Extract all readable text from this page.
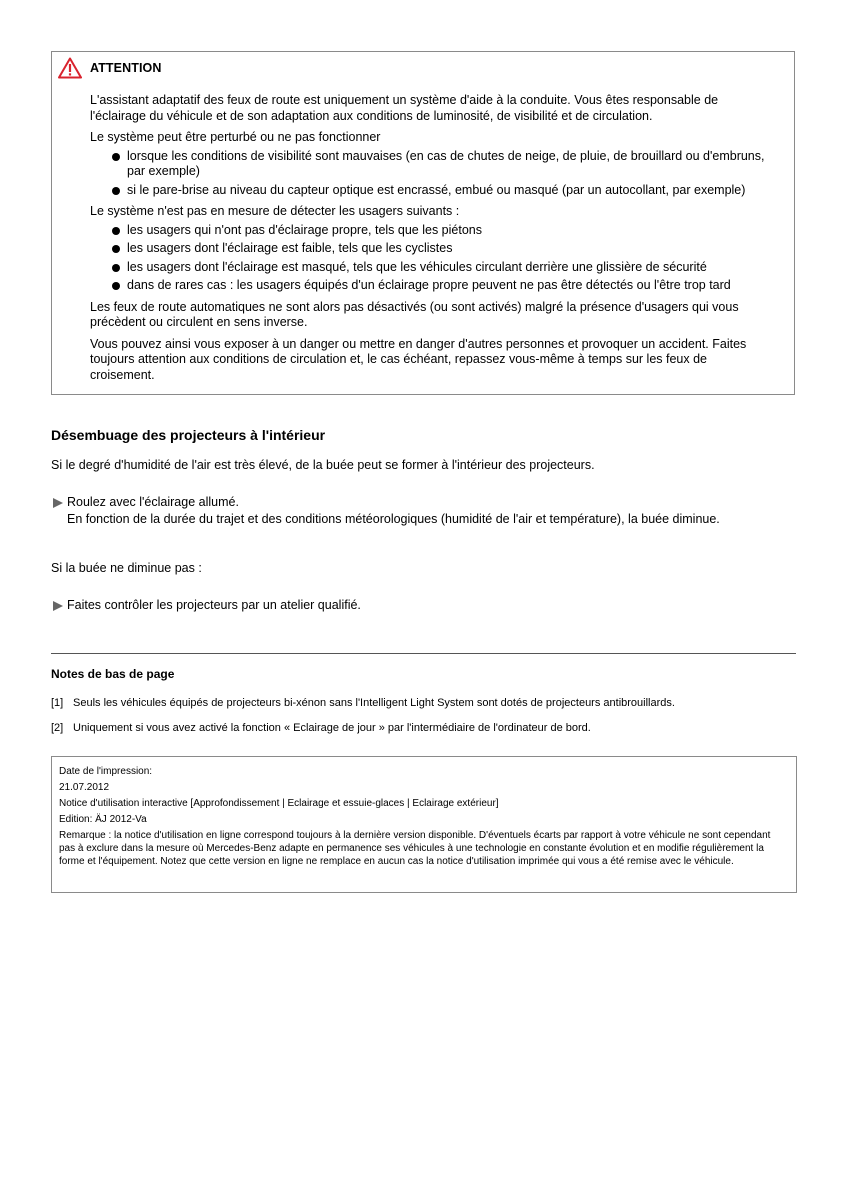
ATTENTION

L'assistant adaptatif des feux de route est uniquement un système d'aide à la conduite. Vous êtes responsable de l'éclairage du véhicule et de son adaptation aux conditions de luminosité, de visibilité et de circulation.

Le système peut être perturbé ou ne pas fonctionner

lorsque les conditions de visibilité sont mauvaises (en cas de chutes de neige, de pluie, de brouillard ou d'embruns, par exemple)
si le pare-brise au niveau du capteur optique est encrassé, embué ou masqué (par un autocollant, par exemple)

Le système n'est pas en mesure de détecter les usagers suivants :

les usagers qui n'ont pas d'éclairage propre, tels que les piétons
les usagers dont l'éclairage est faible, tels que les cyclistes
les usagers dont l'éclairage est masqué, tels que les véhicules circulant derrière une glissière de sécurité
dans de rares cas : les usagers équipés d'un éclairage propre peuvent ne pas être détectés ou l'être trop tard

Les feux de route automatiques ne sont alors pas désactivés (ou sont activés) malgré la présence d'usagers qui vous précèdent ou circulent en sens inverse.

Vous pouvez ainsi vous exposer à un danger ou mettre en danger d'autres personnes et provoquer un accident. Faites toujours attention aux conditions de circulation et, le cas échéant, repassez vous-même à temps sur les feux de croisement.

Désembuage des projecteurs à l'intérieur

Si le degré d'humidité de l'air est très élevé, de la buée peut se former à l'intérieur des projecteurs.

Roulez avec l'éclairage allumé.
En fonction de la durée du trajet et des conditions météorologiques (humidité de l'air et température), la buée diminue.

Si la buée ne diminue pas :

Faites contrôler les projecteurs par un atelier qualifié.
Notes de bas de page
[1] Seuls les véhicules équipés de projecteurs bi-xénon sans l'Intelligent Light System sont dotés de projecteurs antibrouillards.
[2] Uniquement si vous avez activé la fonction « Eclairage de jour » par l'intermédiaire de l'ordinateur de bord.
Date de l'impression:
21.07.2012
Notice d'utilisation interactive [Approfondissement | Eclairage et essuie-glaces | Eclairage extérieur]
Edition: ÄJ 2012-Va
Remarque : la notice d'utilisation en ligne correspond toujours à la dernière version disponible. D'éventuels écarts par rapport à votre véhicule ne sont cependant pas à exclure dans la mesure où Mercedes-Benz adapte en permanence ses véhicules à une technologie en constante évolution et en modifie régulièrement la forme et l'équipement. Notez que cette version en ligne ne remplace en aucun cas la notice d'utilisation imprimée qui vous a été remise avec le véhicule.
